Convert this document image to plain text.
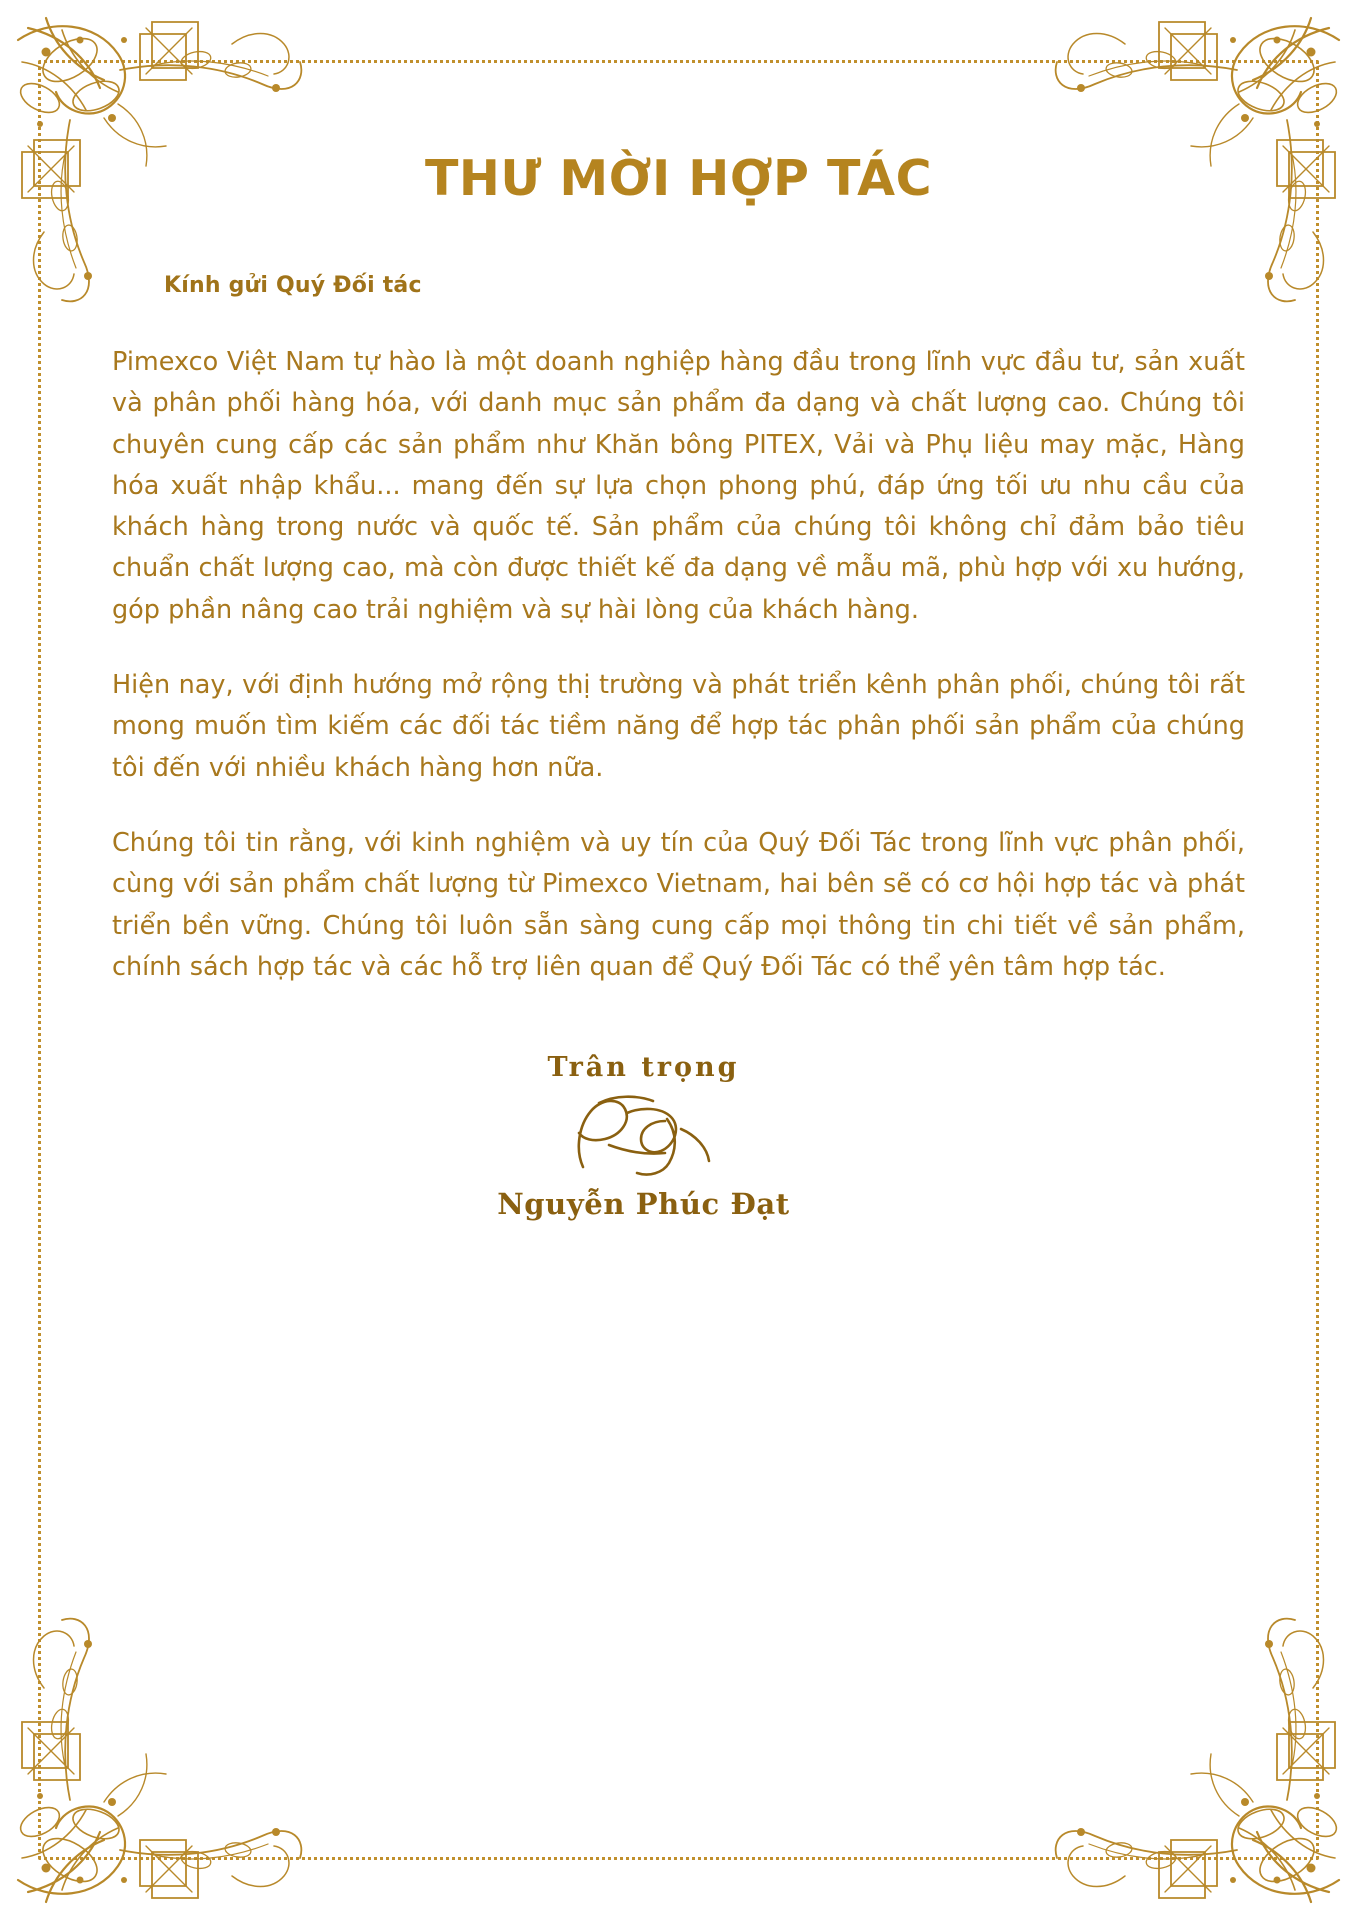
THƯ MỜI HỢP TÁC

Kính gửi Quý Đối tác

Pimexco Việt Nam tự hào là một doanh nghiệp hàng đầu trong lĩnh vực đầu tư, sản xuất và phân phối hàng hóa, với danh mục sản phẩm đa dạng và chất lượng cao. Chúng tôi chuyên cung cấp các sản phẩm như Khăn bông PITEX, Vải và Phụ liệu may mặc, Hàng hóa xuất nhập khẩu... mang đến sự lựa chọn phong phú, đáp ứng tối ưu nhu cầu của khách hàng trong nước và quốc tế. Sản phẩm của chúng tôi không chỉ đảm bảo tiêu chuẩn chất lượng cao, mà còn được thiết kế đa dạng về mẫu mã, phù hợp với xu hướng, góp phần nâng cao trải nghiệm và sự hài lòng của khách hàng.

Hiện nay, với định hướng mở rộng thị trường và phát triển kênh phân phối, chúng tôi rất mong muốn tìm kiếm các đối tác tiềm năng để hợp tác phân phối sản phẩm của chúng tôi đến với nhiều khách hàng hơn nữa.

Chúng tôi tin rằng, với kinh nghiệm và uy tín của Quý Đối Tác trong lĩnh vực phân phối, cùng với sản phẩm chất lượng từ Pimexco Vietnam, hai bên sẽ có cơ hội hợp tác và phát triển bền vững. Chúng tôi luôn sẵn sàng cung cấp mọi thông tin chi tiết về sản phẩm, chính sách hợp tác và các hỗ trợ liên quan để Quý Đối Tác có thể yên tâm hợp tác.

Trân trọng
Nguyễn Phúc Đạt
